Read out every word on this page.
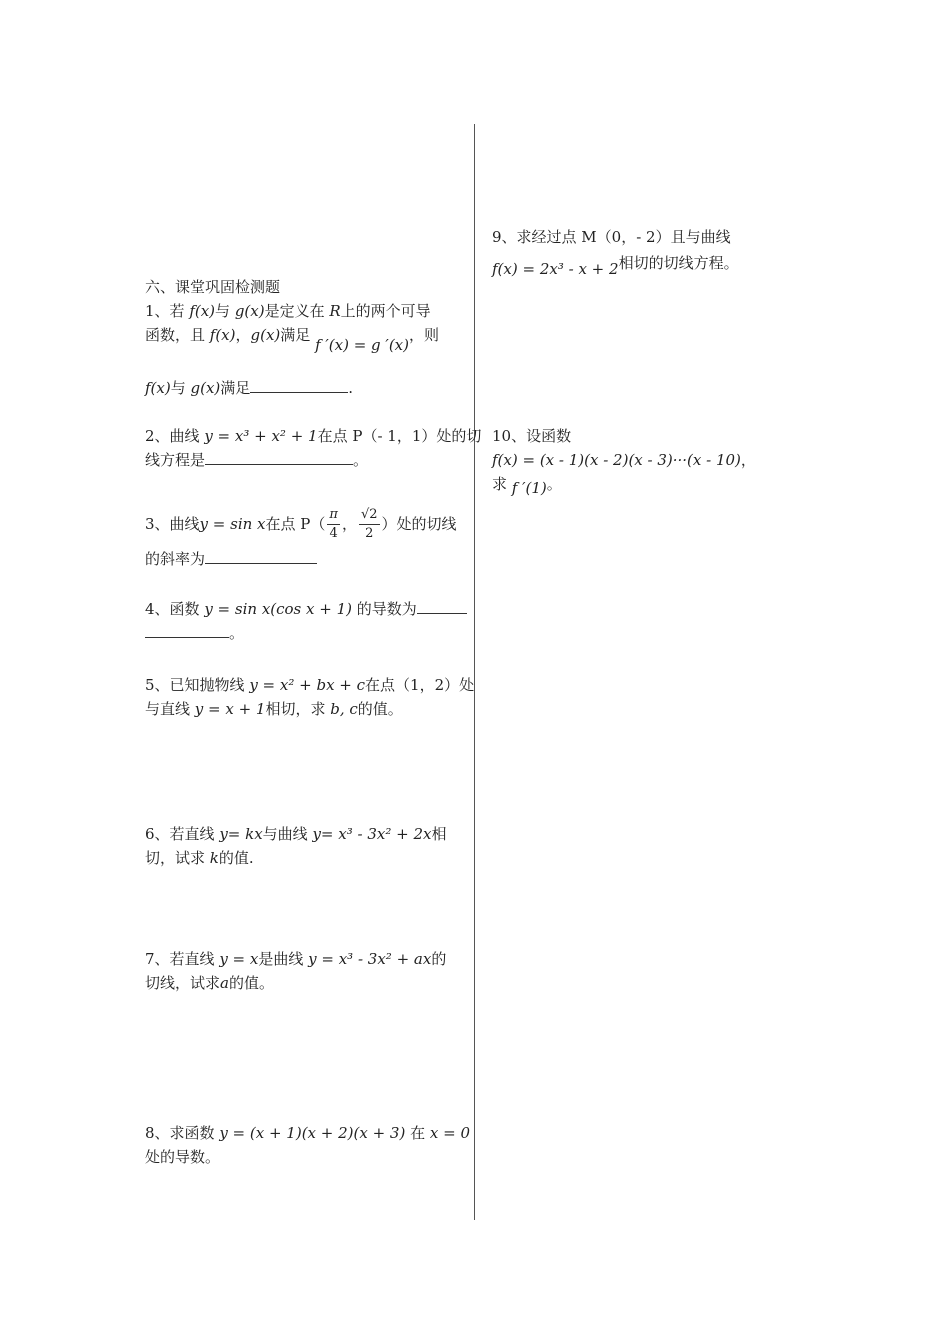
六、课堂巩固检测题
1、若 f(x)与 g(x)是定义在 R上的两个可导
函数，且 f(x)，g(x)满足 f ′(x) = g ′(x)，则
f(x)与 g(x)满足	.
2、曲线 y = x³ + x² + 1在点 P（- 1，1）处的切
线方程是	。
3、曲线 y = sin x 在点 $P( \frac{\pi}{4}$ ， $\frac{√2}{2}$ ）处的切线
的斜率为
4、函数 y = sin x(cos x + 1) 的导数为
。
5、已知抛物线 y = x² + bx + c在点（1，2）处
与直线 y = x + 1相切，求 b, c的值。
6、若直线 y= kx与曲线 y= x³ - 3x² + 2x相
切，试求 k的值.
7、若直线 y = x是曲线 y = x³ - 3x² + ax的
切线，试求a的值。
8、求函数 y = (x + 1)(x + 2)(x + 3) 在 x = 0
处的导数。
9、求经过点 M（0，- 2）且与曲线
f(x) = 2x³ - x + 2相切的切线方程。
10、设函数
f(x) = (x - 1)(x - 2)(x - 3)···(x - 10)，
求 f ′(1)。
